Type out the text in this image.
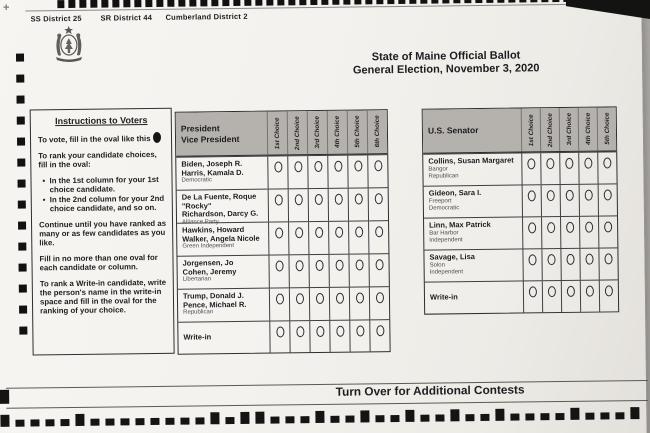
SS District 25 SR District 44 Cumberland District 2
State of Maine Official Ballot
General Election, November 3, 2020
Instructions to Voters

To vote, fill in the oval like this

To rank your candidate choices, fill in the oval:

• In the 1st column for your 1st choice candidate.
• In the 2nd column for your 2nd choice candidate, and so on.

Continue until you have ranked as many or as few candidates as you like.

Fill in no more than one oval for each candidate or column.

To rank a Write-in candidate, write the person's name in the write-in space and fill in the oval for the ranking of your choice.

President
Vice President	1st Choice 2nd Choice 3rd Choice 4th Choice 5th Choice 6th Choice
Biden, Joseph R.
Harris, Kamala D.
Democratic
De La Fuente, Roque "Rocky"
Richardson, Darcy G.
Alliance Party
Hawkins, Howard
Walker, Angela Nicole
Green Independent
Jorgensen, Jo
Cohen, Jeremy
Libertarian
Trump, Donald J.
Pence, Michael R.
Republican
Write-in
U.S. Senator	1st Choice 2nd Choice 3rd Choice 4th Choice 5th Choice
Collins, Susan Margaret
Bangor
Republican
Gideon, Sara I.
Freeport
Democratic
Linn, Max Patrick
Bar Harbor
Independent
Savage, Lisa
Solon
Independent
Write-in
Turn Over for Additional Contests
+
